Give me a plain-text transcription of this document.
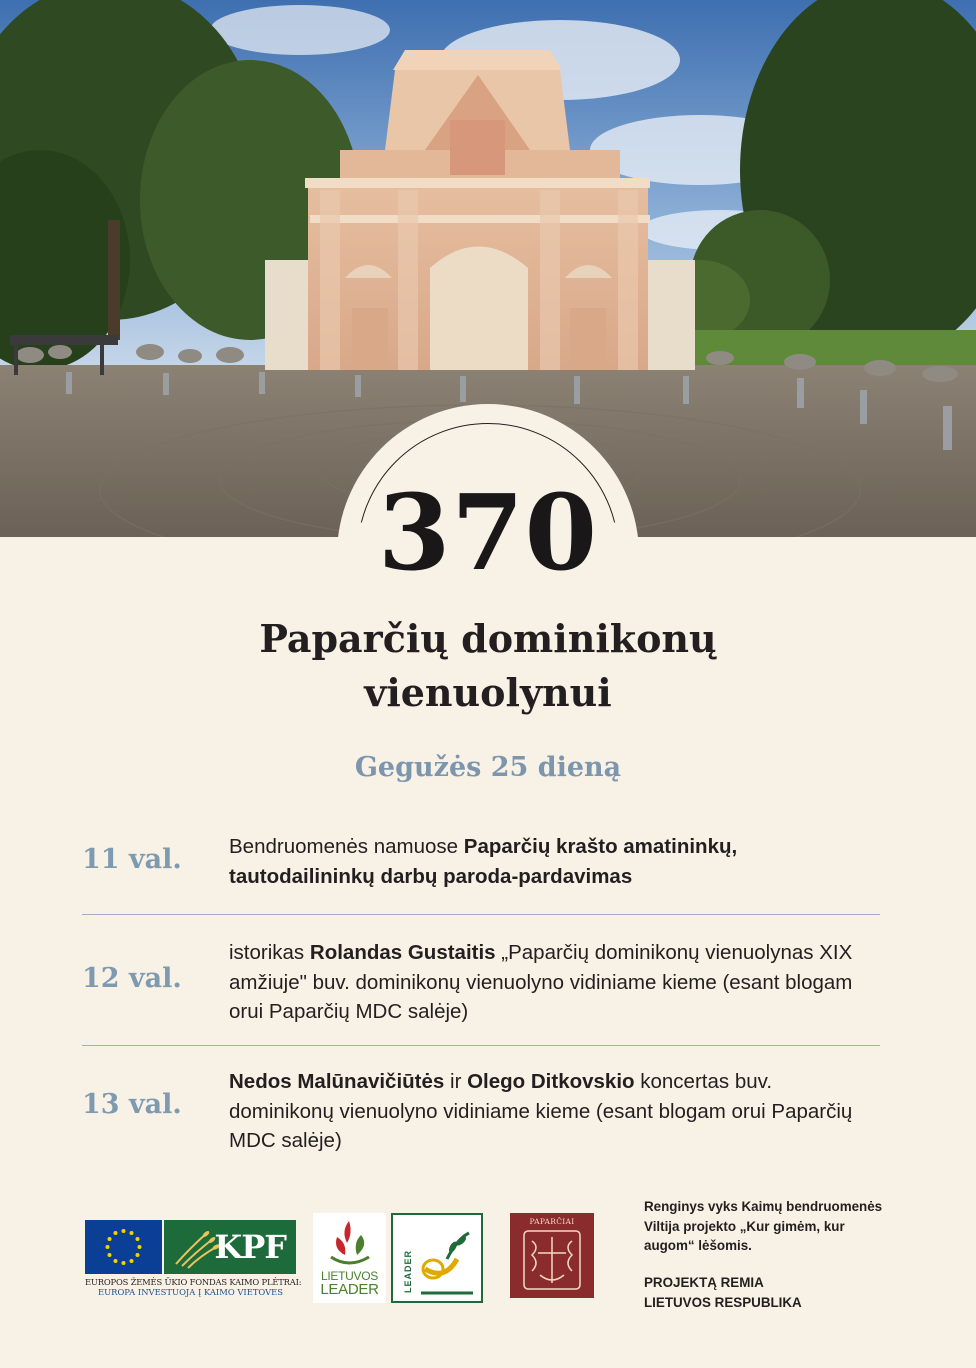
370
Paparčių dominikonų
vienuolynui
Gegužės 25 dieną
11 val. Bendruomenės namuose Paparčių krašto amatininkų, tautodailininkų darbų paroda-pardavimas
12 val.
istorikas Rolandas Gustaitis „Paparčių dominikonų vienuolynas XIX amžiuje" buv. dominikonų vienuolyno vidiniame kieme (esant blogam orui Paparčių MDC salėje)
13 val.
Nedos Malūnavičiūtės ir Olego Ditkovskio koncertas buv. dominikonų vienuolyno vidiniame kieme (esant blogam orui Paparčių MDC salėje)
KPF
EUROPOS ŽEMĖS ŪKIO FONDAS KAIMO PLĖTRAI:
EUROPA INVESTUOJA Į KAIMO VIETOVES
LIETUVOS
LEADER	LEADER
PAPARČIAI
Renginys vyks Kaimų bendruomenės Viltija projekto „Kur gimėm, kur augom“ lėšomis.
PROJEKTĄ REMIA
LIETUVOS RESPUBLIKA
